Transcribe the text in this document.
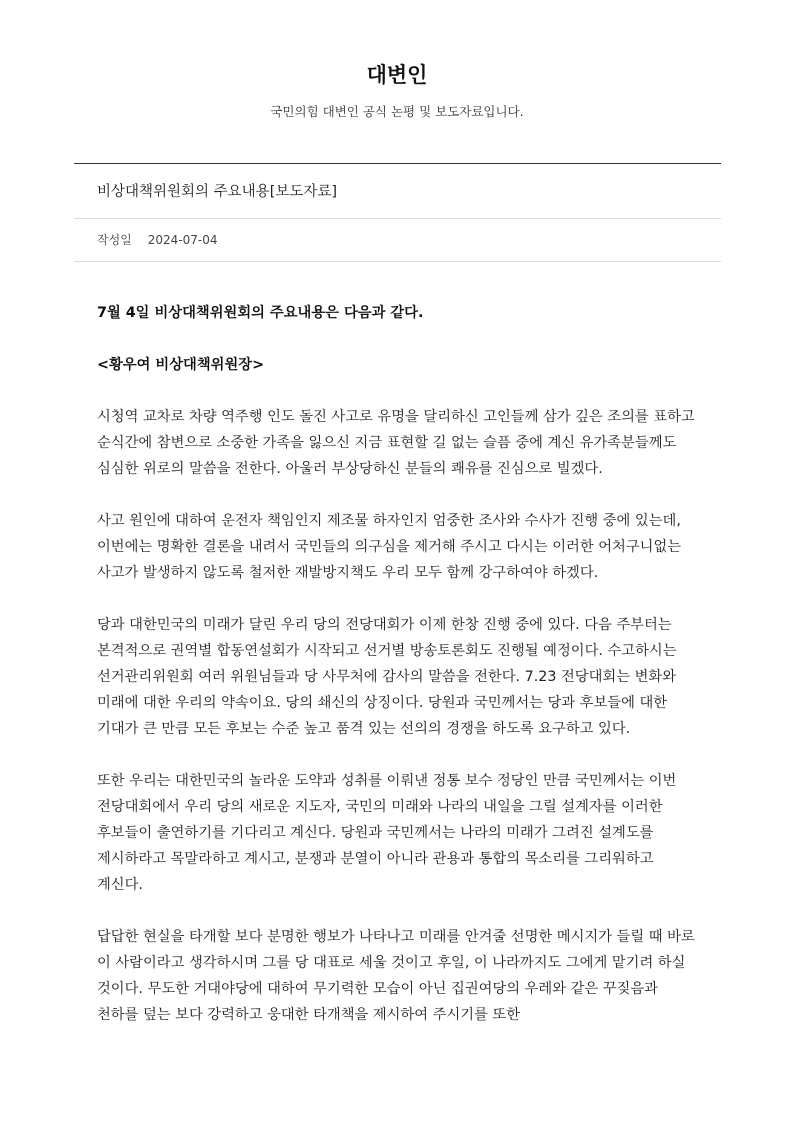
대변인
국민의힘 대변인 공식 논평 및 보도자료입니다.
비상대책위원회의 주요내용[보도자료]
작성일 2024-07-04

7월 4일 비상대책위원회의 주요내용은 다음과 같다.

<황우여 비상대책위원장>

시청역 교차로 차량 역주행 인도 돌진 사고로 유명을 달리하신 고인들께 삼가 깊은 조의를 표하고 순식간에 참변으로 소중한 가족을 잃으신 지금 표현할 길 없는 슬픔 중에 계신 유가족분들께도 심심한 위로의 말씀을 전한다. 아울러 부상당하신 분들의 쾌유를 진심으로 빌겠다.

사고 원인에 대하여 운전자 책임인지 제조물 하자인지 엄중한 조사와 수사가 진행 중에 있는데, 이번에는 명확한 결론을 내려서 국민들의 의구심을 제거해 주시고 다시는 이러한 어처구니없는 사고가 발생하지 않도록 철저한 재발방지책도 우리 모두 함께 강구하여야 하겠다.

당과 대한민국의 미래가 달린 우리 당의 전당대회가 이제 한창 진행 중에 있다. 다음 주부터는 본격적으로 권역별 합동연설회가 시작되고 선거별 방송토론회도 진행될 예정이다. 수고하시는 선거관리위원회 여러 위원님들과 당 사무처에 감사의 말씀을 전한다. 7.23 전당대회는 변화와 미래에 대한 우리의 약속이요. 당의 쇄신의 상징이다. 당원과 국민께서는 당과 후보들에 대한 기대가 큰 만큼 모든 후보는 수준 높고 품격 있는 선의의 경쟁을 하도록 요구하고 있다.

또한 우리는 대한민국의 놀라운 도약과 성취를 이뤄낸 정통 보수 정당인 만큼 국민께서는 이번 전당대회에서 우리 당의 새로운 지도자, 국민의 미래와 나라의 내일을 그릴 설계자를 이러한 후보들이 출연하기를 기다리고 계신다. 당원과 국민께서는 나라의 미래가 그려진 설계도를 제시하라고 목말라하고 계시고, 분쟁과 분열이 아니라 관용과 통합의 목소리를 그리워하고 계신다.

답답한 현실을 타개할 보다 분명한 행보가 나타나고 미래를 안겨줄 선명한 메시지가 들릴 때 바로 이 사람이라고 생각하시며 그를 당 대표로 세울 것이고 후일, 이 나라까지도 그에게 맡기려 하실 것이다. 무도한 거대야당에 대하여 무기력한 모습이 아닌 집권여당의 우레와 같은 꾸짖음과 천하를 덮는 보다 강력하고 웅대한 타개책을 제시하여 주시기를 또한
